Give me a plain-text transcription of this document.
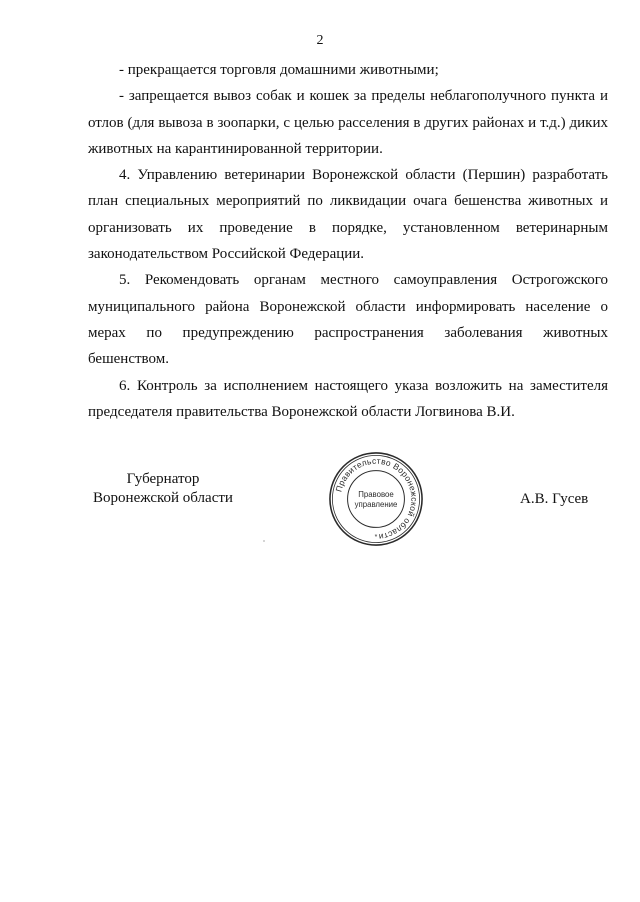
2

- прекращается торговля домашними животными;

- запрещается вывоз собак и кошек за пределы неблагополучного пункта и отлов (для вывоза в зоопарки, с целью расселения в других районах и т.д.) диких животных на карантинированной территории.

4. Управлению ветеринарии Воронежской области (Першин) разработать план специальных мероприятий по ликвидации очага бешенства животных и организовать их проведение в порядке, установленном ветеринарным законодательством Российской Федерации.

5. Рекомендовать органам местного самоуправления Острогожского муниципального района Воронежской области информировать население о мерах по предупреждению распространения заболевания животных бешенством.

6. Контроль за исполнением настоящего указа возложить на заместителя председателя правительства Воронежской области Логвинова В.И.

Губернатор
Воронежской области
Правительство Воронежской области
Правовое
управление
*
А.В. Гусев
